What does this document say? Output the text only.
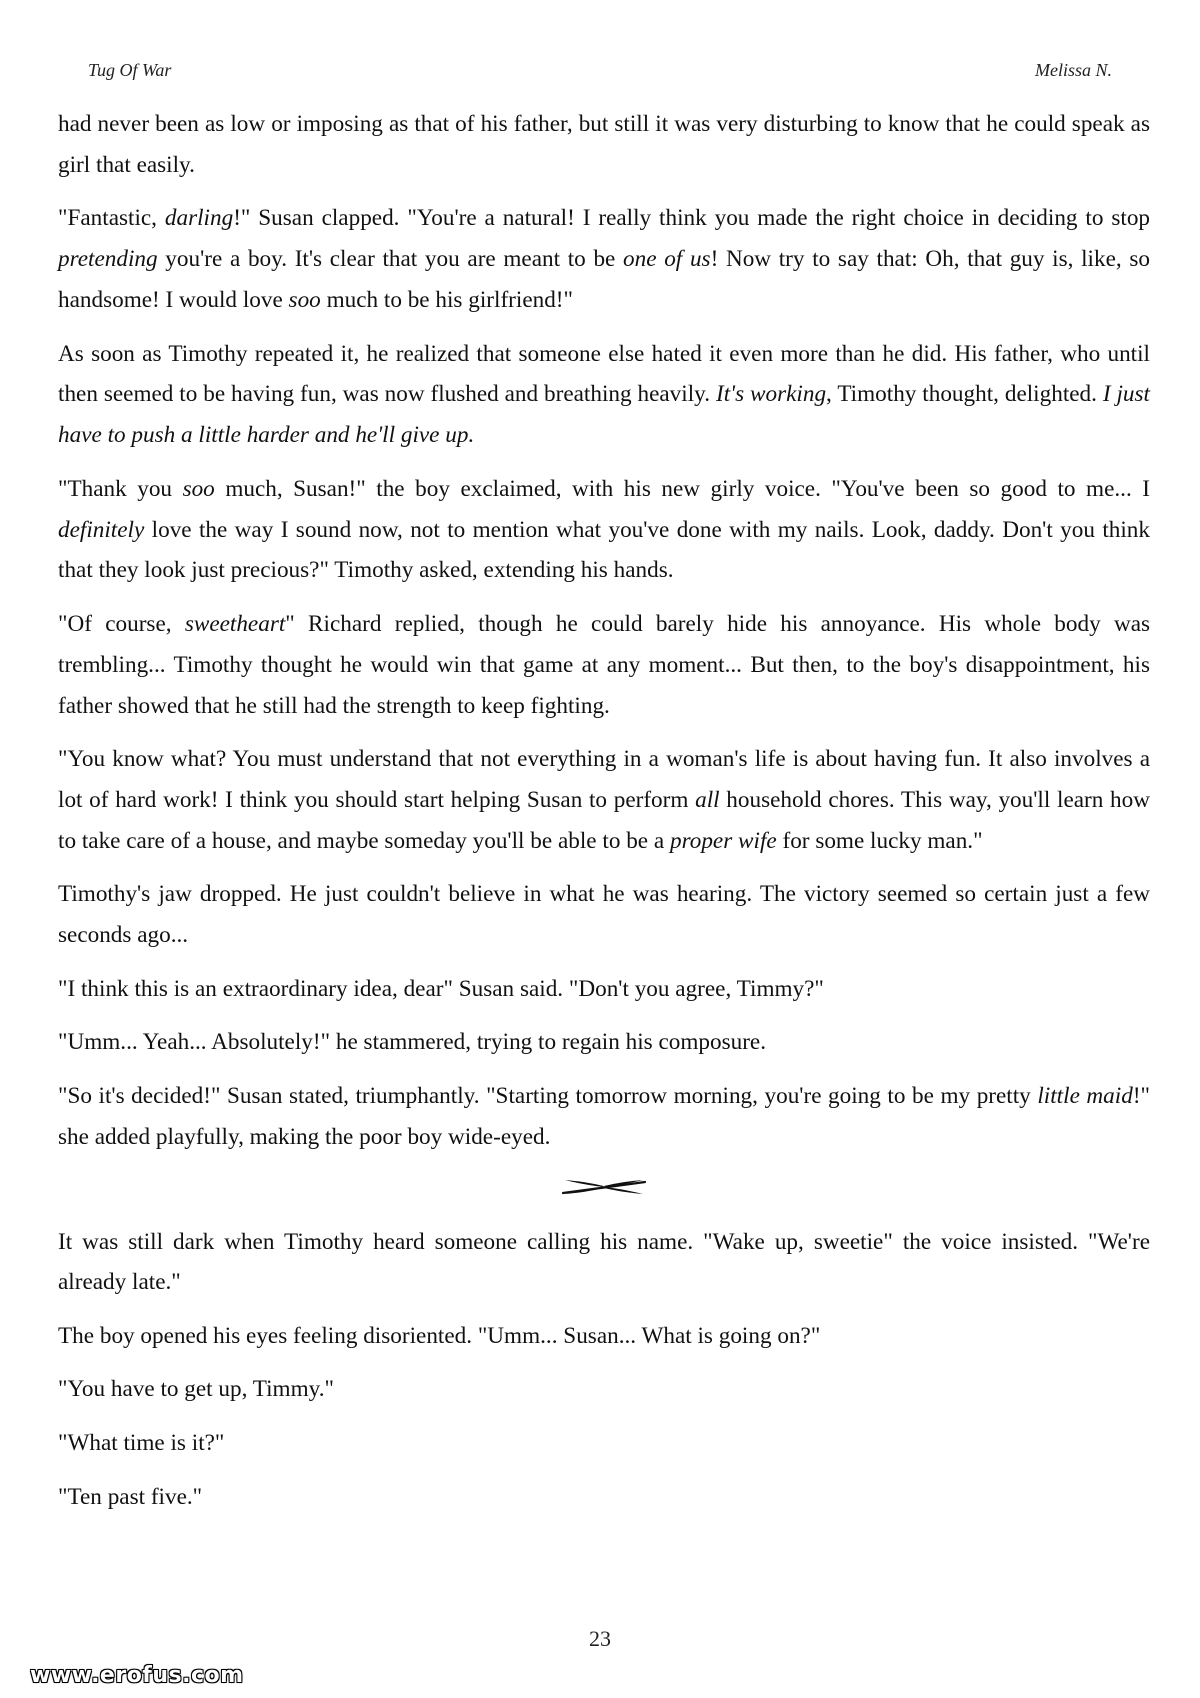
Tug Of War	Melissa N.

had never been as low or imposing as that of his father, but still it was very disturbing to know that he could speak as girl that easily.

"Fantastic, darling!" Susan clapped. "You're a natural! I really think you made the right choice in deciding to stop pretending you're a boy. It's clear that you are meant to be one of us! Now try to say that: Oh, that guy is, like, so handsome! I would love soo much to be his girlfriend!"

As soon as Timothy repeated it, he realized that someone else hated it even more than he did. His father, who until then seemed to be having fun, was now flushed and breathing heavily. It's working, Timothy thought, delighted. I just have to push a little harder and he'll give up.

"Thank you soo much, Susan!" the boy exclaimed, with his new girly voice. "You've been so good to me... I definitely love the way I sound now, not to mention what you've done with my nails. Look, daddy. Don't you think that they look just precious?" Timothy asked, extending his hands.

"Of course, sweetheart" Richard replied, though he could barely hide his annoyance. His whole body was trembling... Timothy thought he would win that game at any moment... But then, to the boy's disappointment, his father showed that he still had the strength to keep fighting.

"You know what? You must understand that not everything in a woman's life is about having fun. It also involves a lot of hard work! I think you should start helping Susan to perform all household chores. This way, you'll learn how to take care of a house, and maybe someday you'll be able to be a proper wife for some lucky man."

Timothy's jaw dropped. He just couldn't believe in what he was hearing. The victory seemed so certain just a few seconds ago...

"I think this is an extraordinary idea, dear" Susan said. "Don't you agree, Timmy?"

"Umm... Yeah... Absolutely!" he stammered, trying to regain his composure.

"So it's decided!" Susan stated, triumphantly. "Starting tomorrow morning, you're going to be my pretty little maid!" she added playfully, making the poor boy wide-eyed.

It was still dark when Timothy heard someone calling his name. "Wake up, sweetie" the voice insisted. "We're already late."

The boy opened his eyes feeling disoriented. "Umm... Susan... What is going on?"

"You have to get up, Timmy."

"What time is it?"

"Ten past five."

23
www.erofus.com
